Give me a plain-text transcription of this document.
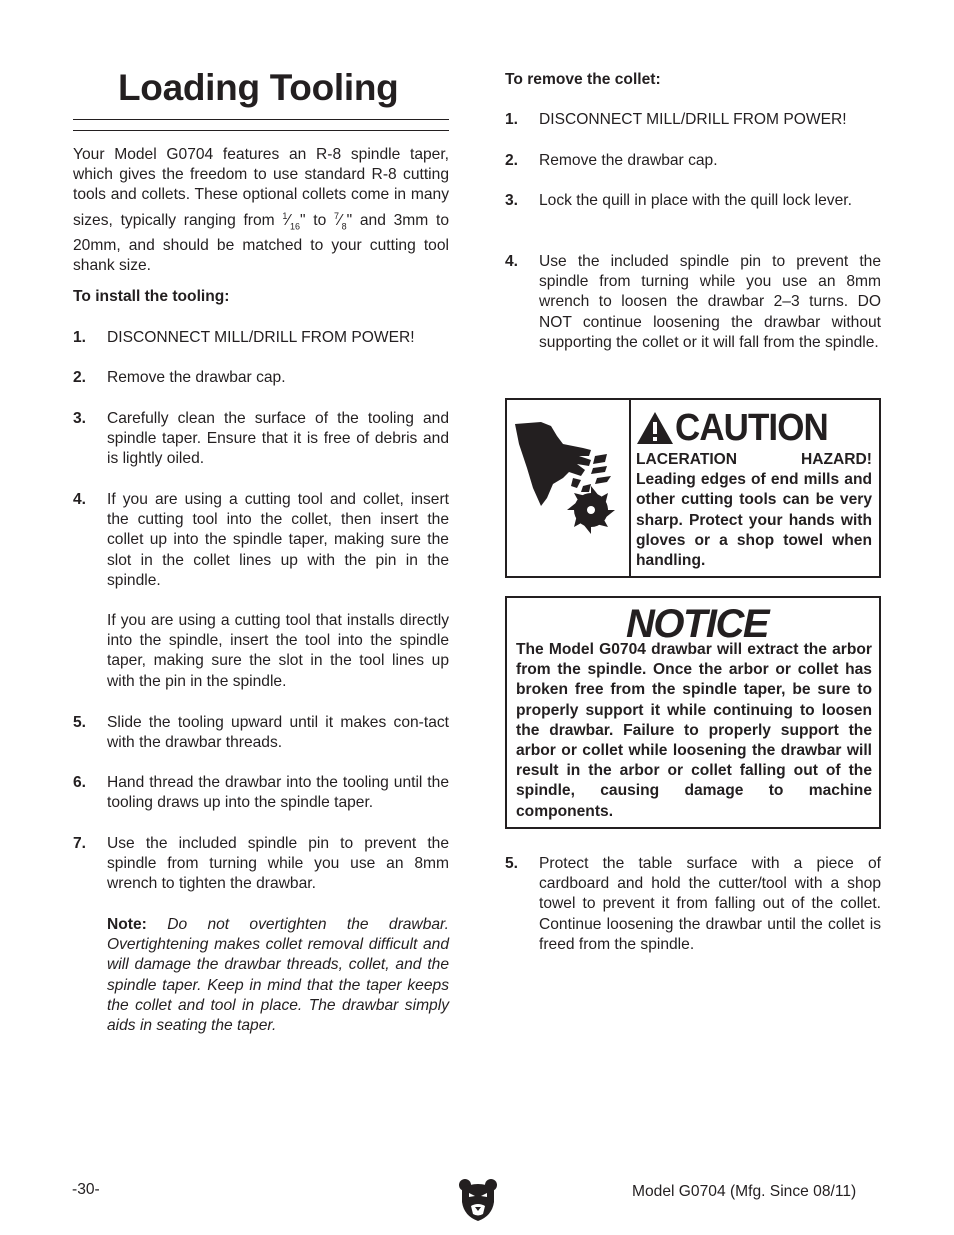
Loading Tooling
Your Model G0704 features an R-8 spindle taper, which gives the freedom to use standard R-8 cutting tools and collets. These optional collets come in many sizes, typically ranging from $^1⁄_{16}$" to $^7⁄_8$" and 3mm to 20mm, and should be matched to your cutting tool shank size.
To install the tooling:
1.	DISCONNECT MILL/DRILL FROM POWER!
2.	Remove the drawbar cap.
3.	Carefully clean the surface of the tooling and spindle taper. Ensure that it is free of debris and is lightly oiled.
4.	If you are using a cutting tool and collet, insert the cutting tool into the collet, then insert the collet up into the spindle taper, making sure the slot in the collet lines up with the pin in the spindle.
If you are using a cutting tool that installs directly into the spindle, insert the tool into the spindle taper, making sure the slot in the tool lines up with the pin in the spindle.
5.	Slide the tooling upward until it makes con-tact with the drawbar threads.
6.	Hand thread the drawbar into the tooling until the tooling draws up into the spindle taper.
7.	Use the included spindle pin to prevent the spindle from turning while you use an 8mm wrench to tighten the drawbar.
Note: Do not overtighten the drawbar. Overtightening makes collet removal difficult and will damage the drawbar threads, collet, and the spindle taper. Keep in mind that the taper keeps the collet and tool in place. The drawbar simply aids in seating the taper.
To remove the collet:
1.	DISCONNECT MILL/DRILL FROM POWER!
2.	Remove the drawbar cap.
3.	Lock the quill in place with the quill lock lever.
4.	Use the included spindle pin to prevent the spindle from turning while you use an 8mm wrench to loosen the drawbar 2–3 turns. DO NOT continue loosening the drawbar without supporting the collet or it will fall from the spindle.
CAUTION
LACERATION HAZARD! Leading edges of end mills and other cutting tools can be very sharp. Protect your hands with gloves or a shop towel when handling.
NOTICE
The Model G0704 drawbar will extract the arbor from the spindle. Once the arbor or collet has broken free from the spindle taper, be sure to properly support it while continuing to loosen the drawbar. Failure to properly support the arbor or collet while loosening the drawbar will result in the arbor or collet falling out of the spindle, causing damage to machine components.
5.	Protect the table surface with a piece of cardboard and hold the cutter/tool with a shop towel to prevent it from falling out of the collet. Continue loosening the drawbar until the collet is freed from the spindle.
-30-	Model G0704 (Mfg. Since 08/11)
